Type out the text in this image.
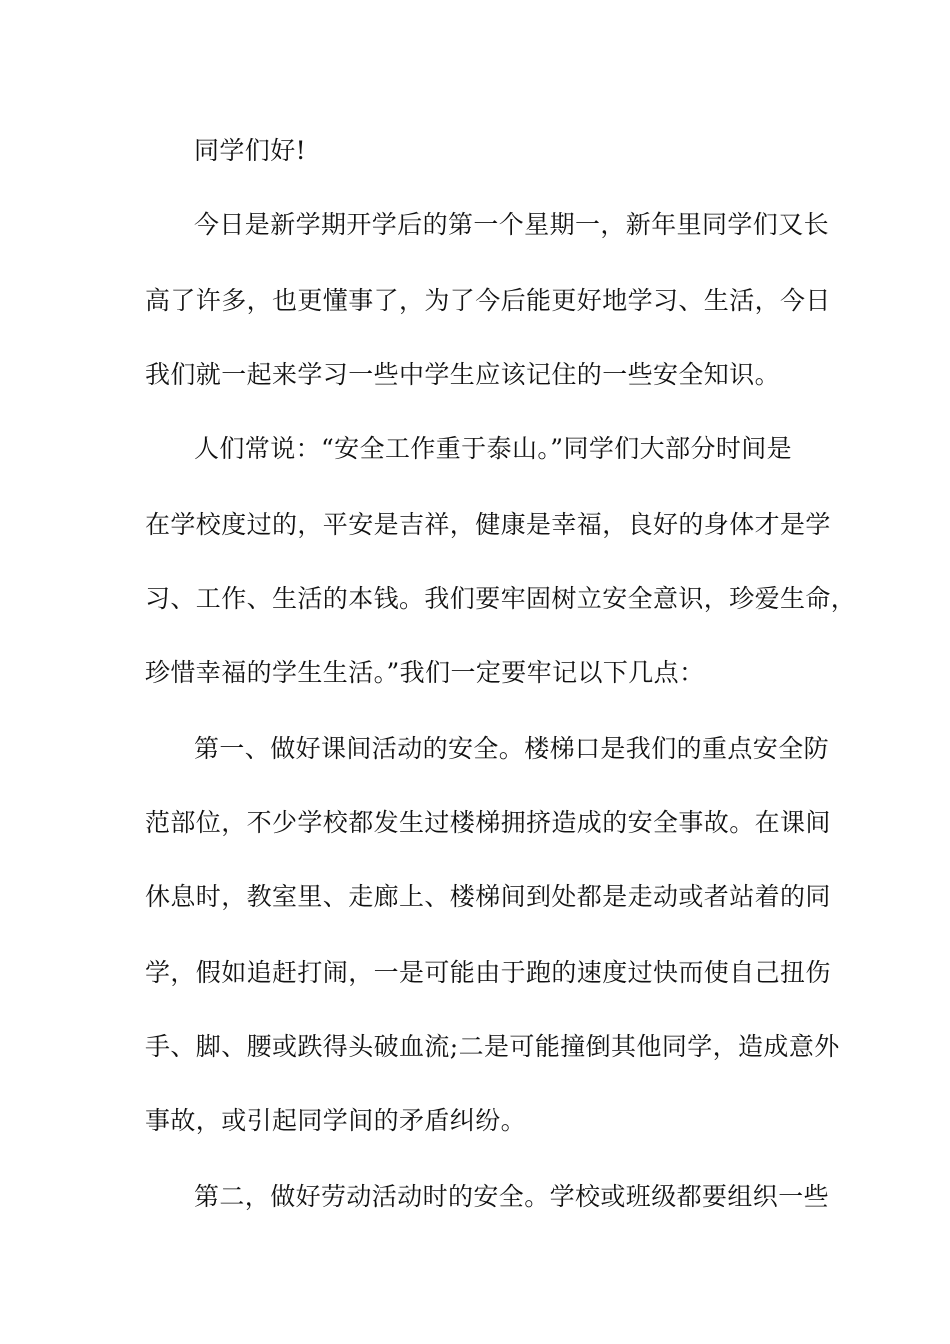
同学们好!
今日是新学期开学后的第一个星期一，新年里同学们又长
高了许多，也更懂事了，为了今后能更好地学习、生活，今日
我们就一起来学习一些中学生应该记住的一些安全知识。
人们常说：“安全工作重于泰山。”同学们大部分时间是
在学校度过的，平安是吉祥，健康是幸福，良好的身体才是学
习、工作、生活的本钱。我们要牢固树立安全意识，珍爱生命，
珍惜幸福的学生生活。”我们一定要牢记以下几点：
第一、做好课间活动的安全。楼梯口是我们的重点安全防
范部位，不少学校都发生过楼梯拥挤造成的安全事故。在课间
休息时，教室里、走廊上、楼梯间到处都是走动或者站着的同
学，假如追赶打闹，一是可能由于跑的速度过快而使自己扭伤
手、脚、腰或跌得头破血流;二是可能撞倒其他同学，造成意外
事故，或引起同学间的矛盾纠纷。
第二，做好劳动活动时的安全。学校或班级都要组织一些
